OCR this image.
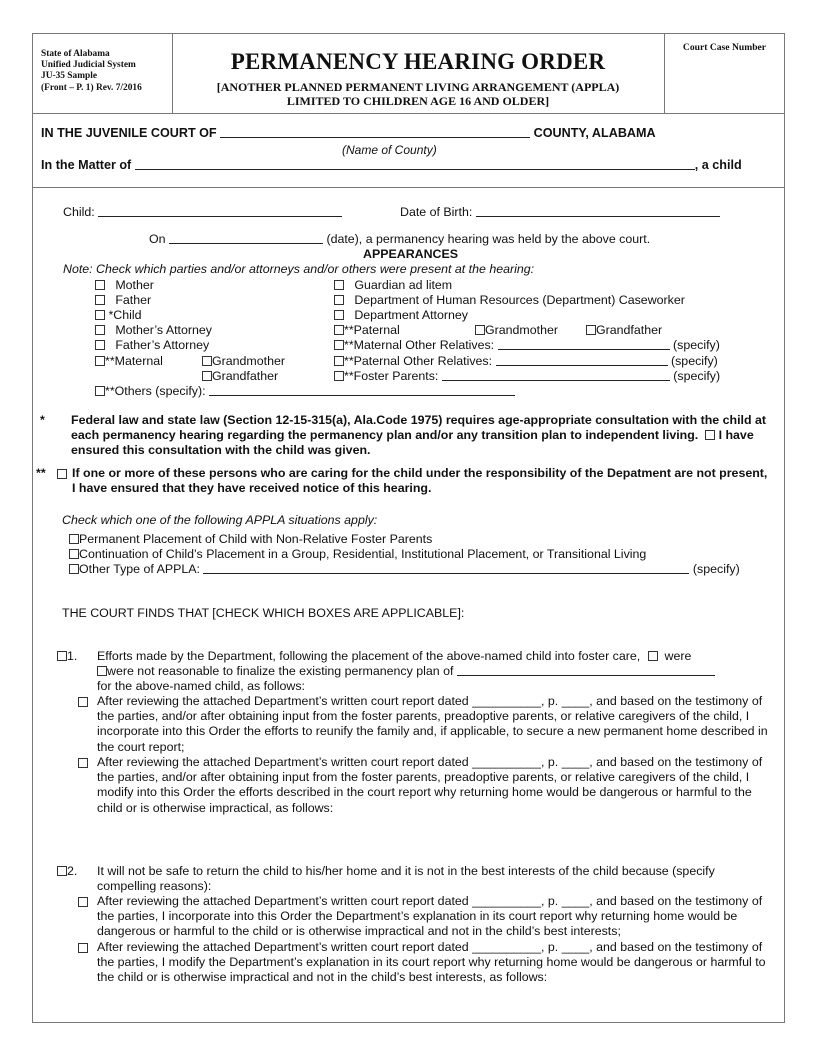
State of Alabama
Unified Judicial System
JU-35 Sample
(Front – P. 1) Rev. 7/2016
PERMANENCY HEARING ORDER
[ANOTHER PLANNED PERMANENT LIVING ARRANGEMENT (APPLA)
LIMITED TO CHILDREN AGE 16 AND OLDER]
Court Case Number
IN THE JUVENILE COURT OF	COUNTY, ALABAMA
(Name of County)
In the Matter of	, a child
Child:	Date of Birth:
On	(date), a permanency hearing was held by the above court.
APPEARANCES
Note: Check which parties and/or attorneys and/or others were present at the hearing:
Mother
Father
*Child
Mother’s Attorney
Father’s Attorney
**Maternal	Grandmother
Grandfather
**Others (specify):
Guardian ad litem
Department of Human Resources (Department) Caseworker
Department Attorney
**Paternal	Grandmother	Grandfather
**Maternal Other Relatives:	(specify)
**Paternal Other Relatives:	(specify)
**Foster Parents:	(specify)
* Federal law and state law (Section 12-15-315(a), Ala.Code 1975) requires age-appropriate consultation with the child at each permanency hearing regarding the permanency plan and/or any transition plan to independent living. I have ensured this consultation with the child was given.
** If one or more of these persons who are caring for the child under the responsibility of the Depatment are not present, I have ensured that they have received notice of this hearing.
Check which one of the following APPLA situations apply:
Permanent Placement of Child with Non-Relative Foster Parents
Continuation of Child’s Placement in a Group, Residential, Institutional Placement, or Transitional Living
Other Type of APPLA:	(specify)
THE COURT FINDS THAT [CHECK WHICH BOXES ARE APPLICABLE]:
1. Efforts made by the Department, following the placement of the above-named child into foster care, were
were not reasonable to finalize the existing permanency plan of
for the above-named child, as follows:
After reviewing the attached Department’s written court report dated __________, p. ____, and based on the testimony of the parties, and/or after obtaining input from the foster parents, preadoptive parents, or relative caregivers of the child, I incorporate into this Order the efforts to reunify the family and, if applicable, to secure a new permanent home described in the court report;
After reviewing the attached Department’s written court report dated __________, p. ____, and based on the testimony of the parties, and/or after obtaining input from the foster parents, preadoptive parents, or relative caregivers of the child, I modify into this Order the efforts described in the court report why returning home would be dangerous or harmful to the child or is otherwise impractical, as follows:
2. It will not be safe to return the child to his/her home and it is not in the best interests of the child because (specify compelling reasons):
After reviewing the attached Department’s written court report dated __________, p. ____, and based on the testimony of the parties, I incorporate into this Order the Department’s explanation in its court report why returning home would be dangerous or harmful to the child or is otherwise impractical and not in the child’s best interests;
After reviewing the attached Department’s written court report dated __________, p. ____, and based on the testimony of the parties, I modify the Department’s explanation in its court report why returning home would be dangerous or harmful to the child or is otherwise impractical and not in the child’s best interests, as follows:
